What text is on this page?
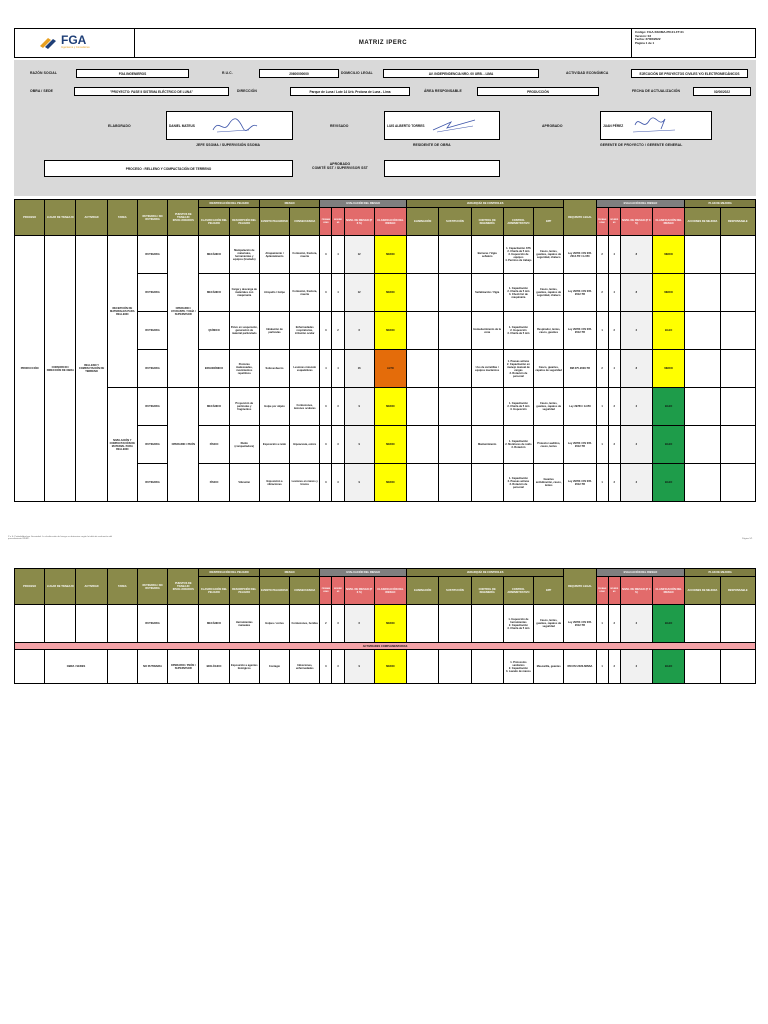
FGA
Ingenieros y Consultores
MATRIZ IPERC
Código: FGA-SSOMA-PR-01-FT-01
Versión: 03
Fecha: 27/06/2022
Página 1 de 1
RAZÓN SOCIAL	FGA INGENIEROS	R.U.C.	20600000000	DOMICILIO LEGAL	AV. INDEPENDENCIA NRO. 00 URB. - LIMA	ACTIVIDAD ECONÓMICA	EJECUCIÓN DE PROYECTOS CIVILES Y/O ELECTROMECÁNICOS
OBRA / SEDE	"PROYECTO: FASE II SISTEMA ELÉCTRICO DE LUNA"	DIRECCIÓN	Parque de Luna / Lote 14 Urb. Prolona de Luna - Lima	ÁREA RESPONSABLE	PRODUCCIÓN	FECHA DE ACTUALIZACIÓN	02/06/2022
ELABORADO	DANIEL MATEUS
JEFE SSOMA / SUPERVISIÓN SSOMA
REVISADO	LUIS ALBERTO TORRES
RESIDENTE DE OBRA
APROBADO	JUAN PÉREZ
GERENTE DE PROYECTO / GERENTE GENERAL
PROCESO : RELLENO Y COMPACTACIÓN DE TERRENO
APROBADO
COMITÉ SST / SUPERVISOR SST
PROCESO	LUGAR DE TRABAJO	ACTIVIDAD	TAREA	RUTINARIA / NO RUTINARIA	PUESTOS DE TRABAJO INVOLUCRADOS	IDENTIFICACIÓN DEL PELIGRO		RIESGO		EVALUACIÓN DEL RIESGO				JERARQUÍA DE CONTROLES					REQUISITO LEGAL	EVALUACIÓN DEL RIESGO				PLAN DE MEJORA	
						CLASIFICACIÓN DEL PELIGRO	DESCRIPCIÓN DEL PELIGRO	EVENTO PELIGROSO	CONSECUENCIA	PROBABILIDAD	SEVERIDAD	NIVEL DE RIESGO (P X S)	CLASIFICACIÓN DEL RIESGO	ELIMINACIÓN	SUSTITUCIÓN	CONTROL DE INGENIERÍA	CONTROL ADMINISTRATIVO	EPP		PROBABILIDAD	SEVERIDAD	NIVEL DE RIESGO (P X S)	CLASIFICACIÓN DEL RIESGO	ACCIONES DE MEJORA	RESPONSABLE
PRODUCCIÓN	CONSORCIO / DIRECCIÓN DE OBRA	RELLENO Y COMPACTACIÓN DE TERRENO	RECEPCIÓN DE MATERIALES PARA RELLENO	RUTINARIA	OPERARIO / AYUDANTE / VIGÍA / SUPERVISOR	MECÁNICO	Manipulación de materiales, herramientas y equipos (traslado)	Atrapamiento / Aplastamiento	Contusión, fractura, muerte	3	4	12	MEDIO			Barreras / Vigía señalero	1. Capacitación ATS
2. Charla de 5 min
3. Inspección de equipos
4. Permiso de trabajo	Casco, lentes, guantes, zapatos de seguridad, chaleco	Ley 29783 / DS 005-2012-TR / G.050	2	4	8	MEDIO		
				RUTINARIA		MECÁNICO	Carga y descarga de materiales con maquinaria	Atropello / Golpe	Contusión, fractura, muerte	3	4	12	MEDIO			Señalización / Vigía	1. Capacitación
2. Charla de 5 min
3. Check list de maquinaria	Casco, lentes, guantes, zapatos de seguridad, chaleco	Ley 29783 / DS 005-2012-TR	2	4	8	MEDIO		
				RUTINARIA		QUÍMICO	Polvo en suspensión, generación de material particulado	Inhalación de partículas	Enfermedades respiratorias, irritación ocular	3	2	6	MEDIO			Humedecimiento de la zona	1. Capacitación
2. Inspección
3. Charla de 5 min	Respirador, lentes, casco, guantes	Ley 29783 / DS 005-2012-TR	1	2	2	BAJO		
				RUTINARIA		ERGONÓMICO	Posturas inadecuadas, movimientos repetitivos	Sobreesfuerzo	Lesiones músculo esqueléticas	4	4	16	ALTO			Uso de carretillas / equipos mecánicos	1. Pausas activas
2. Capacitación en manejo manual de cargas
3. Rotación de personal	Casco, guantes, zapatos de seguridad	RM 375-2008-TR	2	4	8	MEDIO		
			NIVELACIÓN Y COMPACTACIÓN DE MATERIAL PARA RELLENO	RUTINARIA	OPERARIO / PEÓN	MECÁNICO	Proyección de partículas y fragmentos	Golpe por objeto	Contusiones, lesiones oculares	3	3	9	MEDIO				1. Capacitación
2. Charla de 5 min
3. Inspección	Casco, lentes, guantes, zapatos de seguridad	Ley 29783 / G.050	1	3	3	BAJO		
				RUTINARIA		FÍSICO	Ruido (compactadora)	Exposición a ruido	Hipoacusia, estrés	3	3	9	MEDIO			Mantenimiento	1. Capacitación
2. Monitoreo de ruido
3. Rotación	Protector auditivo, casco, lentes	Ley 29783 / DS 005-2012-TR	1	3	3	BAJO		
				RUTINARIA		FÍSICO	Vibración	Exposición a vibraciones	Lesiones en manos y brazos	3	3	9	MEDIO				1. Capacitación
2. Pausas activas
3. Rotación de personal	Guantes antivibración, casco, lentes	Ley 29783 / DS 005-2012-TR	1	3	3	BAJO		
P x S: Probabilidad por Severidad. La clasificación del riesgo se determina según la tabla de evaluación del procedimiento IPERC.	Página 1/1
PROCESO	LUGAR DE TRABAJO	ACTIVIDAD	TAREA	RUTINARIA / NO RUTINARIA	PUESTOS DE TRABAJO INVOLUCRADOS	IDENTIFICACIÓN DEL PELIGRO		RIESGO		EVALUACIÓN DEL RIESGO				JERARQUÍA DE CONTROLES					REQUISITO LEGAL	EVALUACIÓN DEL RIESGO				PLAN DE MEJORA	
						CLASIFICACIÓN DEL PELIGRO	DESCRIPCIÓN DEL PELIGRO	EVENTO PELIGROSO	CONSECUENCIA	PROBABILIDAD	SEVERIDAD	NIVEL DE RIESGO (P X S)	CLASIFICACIÓN DEL RIESGO	ELIMINACIÓN	SUSTITUCIÓN	CONTROL DE INGENIERÍA	CONTROL ADMINISTRATIVO	EPP		PROBABILIDAD	SEVERIDAD	NIVEL DE RIESGO (P X S)	CLASIFICACIÓN DEL RIESGO	ACCIONES DE MEJORA	RESPONSABLE
				RUTINARIA		MECÁNICO	Herramientas manuales	Golpes / cortes	Contusiones, heridas	2	3	6	MEDIO				1. Inspección de herramientas
2. Capacitación
3. Charla de 5 min	Casco, lentes, guantes, zapatos de seguridad	Ley 29783 / DS 005-2012-TR	1	3	3	BAJO		
ACTIVIDADES COMPLEMENTARIAS																									
	OBRA / SEDES			NO RUTINARIA	OPERARIO / PEÓN / SUPERVISOR	BIOLÓGICO	Exposición a agentes biológicos	Contagio	Infecciones, enfermedades	3	3	9	MEDIO				1. Protocolos sanitarios
2. Capacitación
3. Lavado de manos	Mascarilla, guantes	RM 972-2020-MINSA	1	3	3	BAJO		
